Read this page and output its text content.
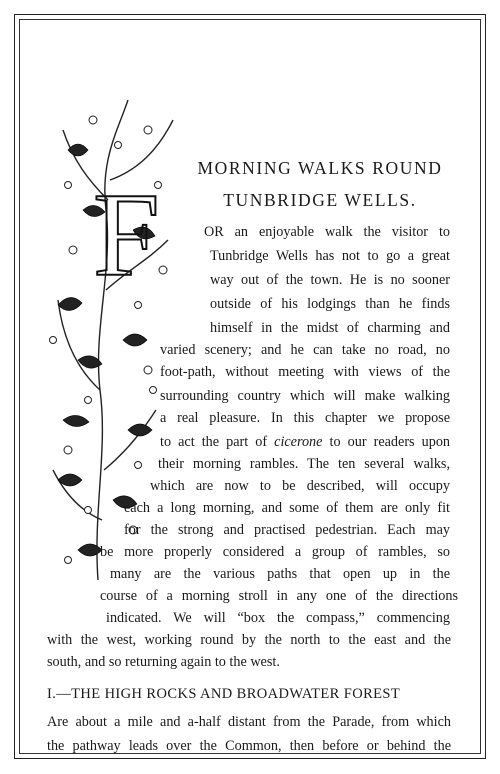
F	MORNING WALKS ROUND
TUNBRIDGE WELLS.
OR an enjoyable walk the visitor to
Tunbridge Wells has not to go a great
way out of the town. He is no sooner
outside of his lodgings than he finds
himself in the midst of charming and
varied scenery; and he can take no road, no
foot-path, without meeting with views of the
surrounding country which will make walking
a real pleasure. In this chapter we propose
to act the part of cicerone to our readers upon
their morning rambles. The ten several walks,
which are now to be described, will occupy
each a long morning, and some of them are only fit
for the strong and practised pedestrian. Each may
be more properly considered a group of rambles, so
many are the various paths that open up in the
course of a morning stroll in any one of the directions
indicated. We will “box the compass,” commencing
with the west, working round by the north to the east and the
south, and so returning again to the west.
I.—THE HIGH ROCKS AND BROADWATER FOREST
Are about a mile and a-half distant from the Parade, from which
the pathway leads over the Common, then before or behind the
